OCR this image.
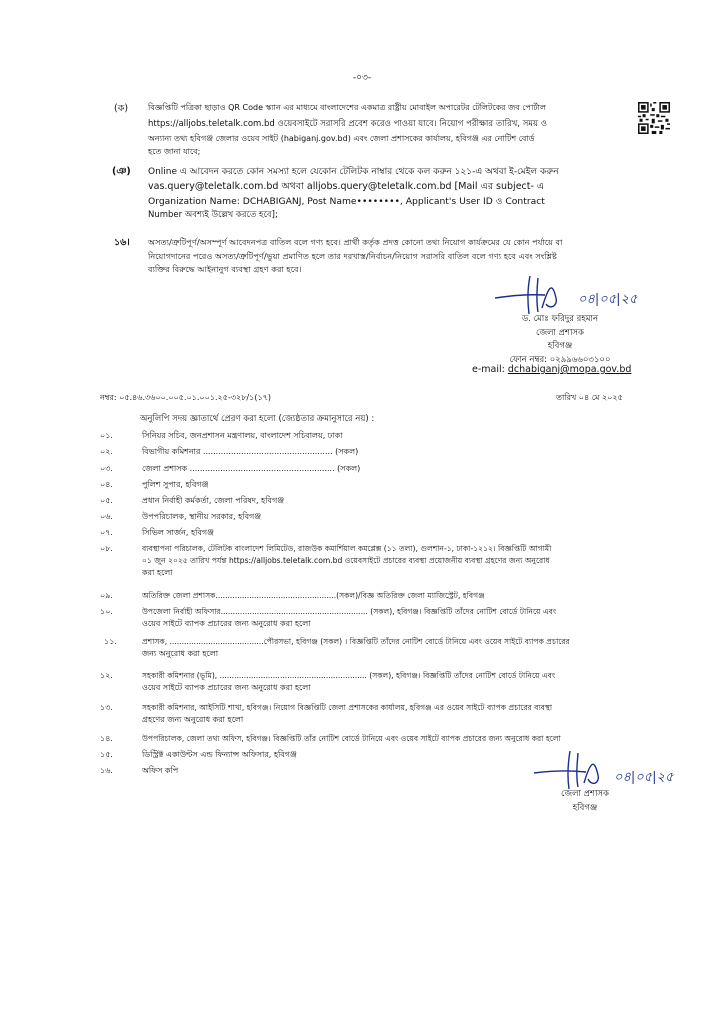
-০৩-
(ক) বিজ্ঞপ্তিটি পত্রিকা ছাড়াও QR Code স্ক্যান এর মাধ্যমে বাংলাদেশের একমাত্র রাষ্ট্রীয় মোবাইল অপারেটর টেলিটকের জব পোর্টাল
https://alljobs.teletalk.com.bd ওয়েবসাইটে সরাসরি প্রবেশ করেও পাওয়া যাবে। নিয়োগ পরীক্ষার তারিখ, সময় ও
অন্যান্য তথ্য হবিগঞ্জ জেলার ওয়েব সাইট (habiganj.gov.bd) এবং জেলা প্রশাসকের কার্যালয়, হবিগঞ্জ এর নোটিশ বোর্ড
হতে জানা যাবে;
(ঞ) Online এ আবেদন করতে কোন সমস্যা হলে যেকোন টেলিটক নাম্বার থেকে কল করুন ১২১-এ অথবা ই-মেইল করুন
vas.query@teletalk.com.bd অথবা alljobs.query@teletalk.com.bd [Mail এর subject- এ
Organization Name: DCHABIGANJ, Post Name••••••••, Applicant's User ID ও Contract
Number অবশ্যই উল্লেখ করতে হবে];
১৬। অসত্য/ত্রুটিপূর্ণ/অসম্পূর্ণ আবেদনপত্র বাতিল বলে গণ্য হবে। প্রার্থী কর্তৃক প্রদত্ত কোনো তথ্য নিয়োগ কার্যক্রমের যে কোন পর্যায়ে বা
নিয়োগদানের পরেও অসত্য/ত্রুটিপূর্ণ/ভুয়া প্রমাণিত হলে তার দরখাস্ত/নির্বাচন/নিয়োগ সরাসরি বাতিল বলে গণ্য হবে এবং সংশ্লিষ্ট
ব্যক্তির বিরুদ্ধে আইনানুগ ব্যবস্থা গ্রহণ করা হবে।
০৪|০৫|২৫
ড. মোঃ ফরিদুর রহমান
জেলা প্রশাসক
হবিগঞ্জ
ফোন নম্বর: ০২৯৯৬৬০৩১০০
e-mail: dchabiganj@mopa.gov.bd
নম্বর: ০৫.৪৬.৩৬০০.০০৫.০১.০০১.২৫-৩২৮/১(১৭)	তারিখ ০৪ মে ২০২৫
অনুলিপি সদয় জ্ঞাতার্থে প্রেরণ করা হলো (জ্যেষ্ঠতার ক্রমানুসারে নয়) :
০১.	সিনিয়র সচিব, জনপ্রশাসন মন্ত্রণালয়, বাংলাদেশ সচিবালয়, ঢাকা
০২.	বিভাগীয় কমিশনার ................................................... (সকল)
০৩.	জেলা প্রশাসক ......................................................... (সকল)
০৪.	পুলিশ সুপার, হবিগঞ্জ
০৫.	প্রধান নির্বাহী কর্মকর্তা, জেলা পরিষদ, হবিগঞ্জ
০৬.	উপপরিচালক, স্থানীয় সরকার, হবিগঞ্জ
০৭.	সিভিল সার্জন, হবিগঞ্জ
০৮.	ব্যবস্থাপনা পরিচালক, টেলিটক বাংলাদেশ লিমিটেড, রাজউক কমার্শিয়াল কমপ্লেক্স (১১ তলা), গুলশান-১, ঢাকা-১২১২। বিজ্ঞপ্তিটি আগামী
০১ জুন ২০২৫ তারিখ পর্যন্ত https://alljobs.teletalk.com.bd ওয়েবসাইটে প্রচারের ব্যবস্থা প্রয়োজনীয় ব্যবস্থা গ্রহণের জন্য অনুরোধ
করা হলো
০৯.	অতিরিক্ত জেলা প্রশাসক..................................................(সকল)/বিজ্ঞ অতিরিক্ত জেলা ম্যাজিস্ট্রেট, হবিগঞ্জ
১০.	উপজেলা নির্বাহী অফিসার............................................................. (সকল), হবিগঞ্জ। বিজ্ঞপ্তিটি তাঁদের নোটিশ বোর্ডে টানিয়ে এবং
ওয়েব সাইটে ব্যাপক প্রচারের জন্য অনুরোধ করা হলো
১১.	প্রশাসক, .......................................পৌরসভা, হবিগঞ্জ (সকল) । বিজ্ঞপ্তিটি তাঁদের নোটিশ বোর্ডে টানিয়ে এবং ওয়েব সাইটে ব্যাপক প্রচারের
জন্য অনুরোধ করা হলো
১২.	সহকারী কমিশনার (ভূমি), ............................................................. (সকল), হবিগঞ্জ। বিজ্ঞপ্তিটি তাঁদের নোটিশ বোর্ডে টানিয়ে এবং
ওয়েব সাইটে ব্যাপক প্রচারের জন্য অনুরোধ করা হলো
১৩.	সহকারী কমিশনার, আইসিটি শাখা, হবিগঞ্জ। নিয়োগ বিজ্ঞপ্তিটি জেলা প্রশাসকের কার্যালয়, হবিগঞ্জ এর ওয়েব সাইটে ব্যাপক প্রচারের ব্যবস্থা
গ্রহণের জন্য অনুরোধ করা হলো
১৪.	উপপরিচালক, জেলা তথ্য অফিস, হবিগঞ্জ। বিজ্ঞপ্তিটি তাঁর নোটিশ বোর্ডে টানিয়ে এবং ওয়েব সাইটে ব্যাপক প্রচারের জন্য অনুরোধ করা হলো
১৫.	ডিস্ট্রিক্ট একাউন্টস এন্ড ফিন্যান্স অফিসার, হবিগঞ্জ
১৬.	অফিস কপি	০৪|০৫|২৫
জেলা প্রশাসক
হবিগঞ্জ
